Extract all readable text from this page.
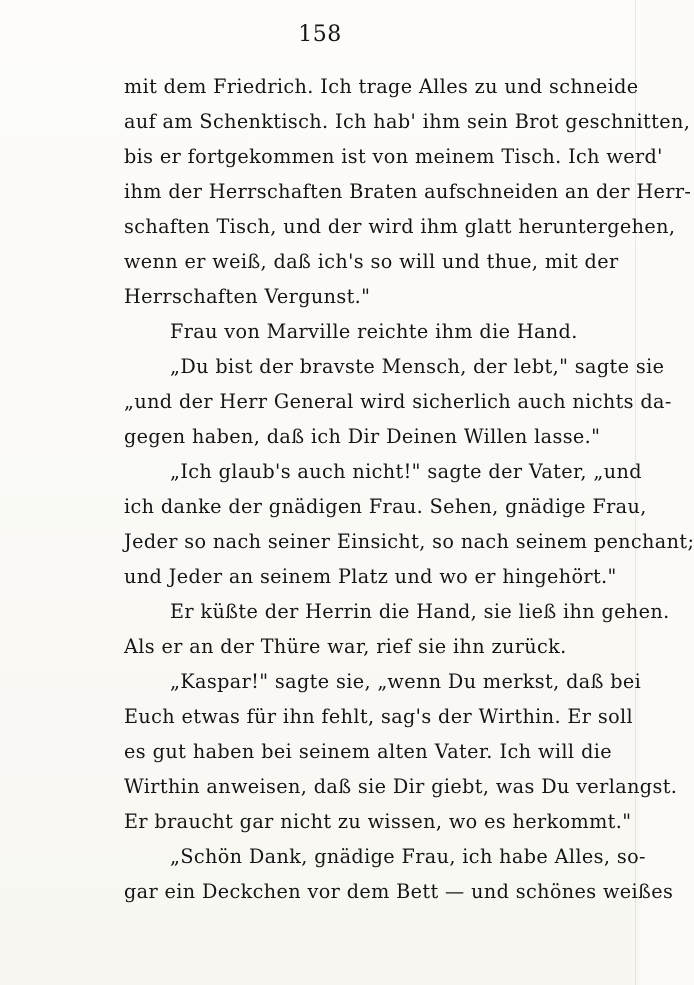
158
mit dem Friedrich. Ich trage Alles zu und schneide
auf am Schenktisch. Ich hab' ihm sein Brot geschnitten,
bis er fortgekommen ist von meinem Tisch. Ich werd'
ihm der Herrschaften Braten aufschneiden an der Herr-
schaften Tisch, und der wird ihm glatt heruntergehen,
wenn er weiß, daß ich's so will und thue, mit der
Herrschaften Vergunst."
Frau von Marville reichte ihm die Hand.
„Du bist der bravste Mensch, der lebt," sagte sie
„und der Herr General wird sicherlich auch nichts da-
gegen haben, daß ich Dir Deinen Willen lasse."
„Ich glaub's auch nicht!" sagte der Vater, „und
ich danke der gnädigen Frau. Sehen, gnädige Frau,
Jeder so nach seiner Einsicht, so nach seinem penchant;
und Jeder an seinem Platz und wo er hingehört."
Er küßte der Herrin die Hand, sie ließ ihn gehen.
Als er an der Thüre war, rief sie ihn zurück.
„Kaspar!" sagte sie, „wenn Du merkst, daß bei
Euch etwas für ihn fehlt, sag's der Wirthin. Er soll
es gut haben bei seinem alten Vater. Ich will die
Wirthin anweisen, daß sie Dir giebt, was Du verlangst.
Er braucht gar nicht zu wissen, wo es herkommt."
„Schön Dank, gnädige Frau, ich habe Alles, so-
gar ein Deckchen vor dem Bett — und schönes weißes
